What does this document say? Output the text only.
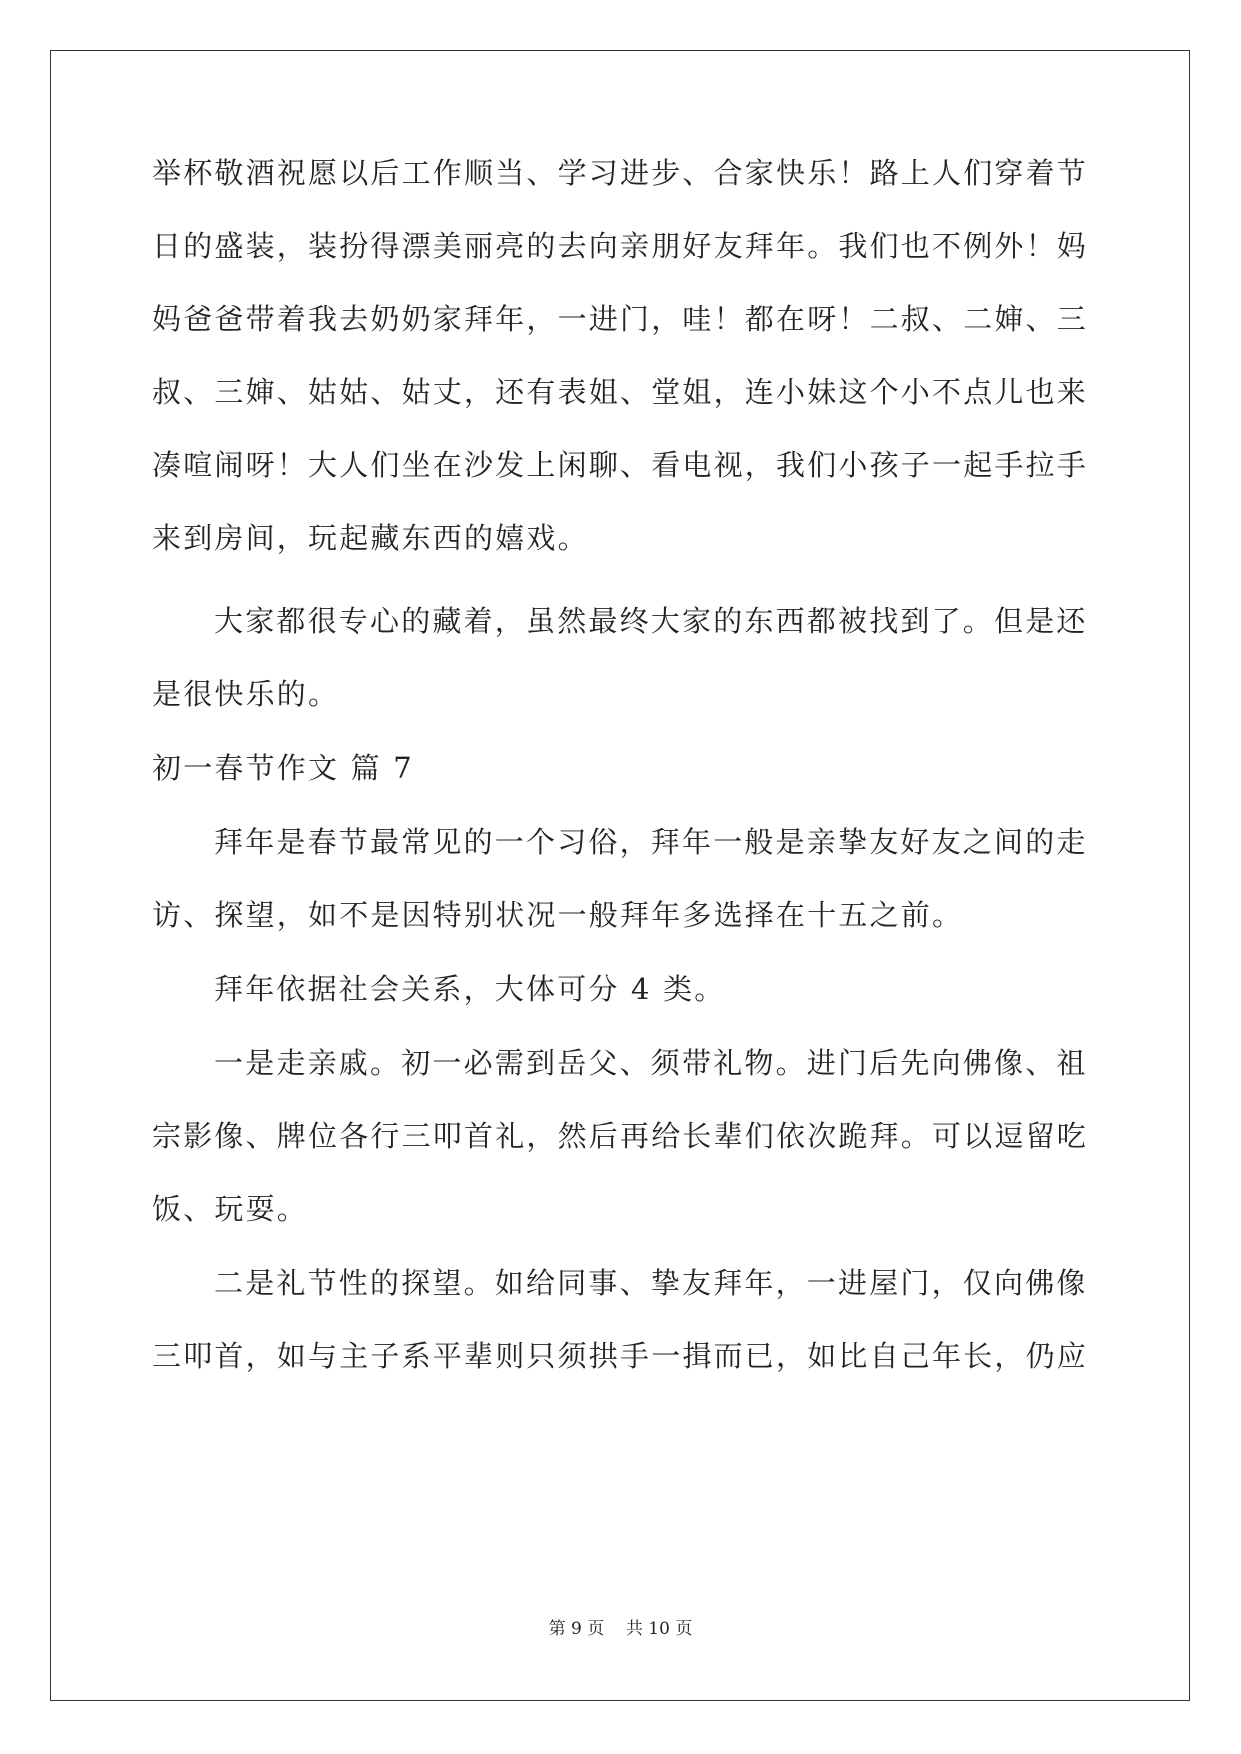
举杯敬酒祝愿以后工作顺当、学习进步、合家快乐！路上人们穿着节
日的盛装，装扮得漂美丽亮的去向亲朋好友拜年。我们也不例外！妈
妈爸爸带着我去奶奶家拜年，一进门，哇！都在呀！二叔、二婶、三
叔、三婶、姑姑、姑丈，还有表姐、堂姐，连小妹这个小不点儿也来
凑喧闹呀！大人们坐在沙发上闲聊、看电视，我们小孩子一起手拉手
来到房间，玩起藏东西的嬉戏。
大家都很专心的藏着，虽然最终大家的东西都被找到了。但是还
是很快乐的。
初一春节作文 篇 7
拜年是春节最常见的一个习俗，拜年一般是亲挚友好友之间的走
访、探望，如不是因特别状况一般拜年多选择在十五之前。
拜年依据社会关系，大体可分 4 类。
一是走亲戚。初一必需到岳父、须带礼物。进门后先向佛像、祖
宗影像、牌位各行三叩首礼，然后再给长辈们依次跪拜。可以逗留吃
饭、玩耍。
二是礼节性的探望。如给同事、挚友拜年，一进屋门，仅向佛像
三叩首，如与主子系平辈则只须拱手一揖而已，如比自己年长，仍应
第 9 页    共 10 页
